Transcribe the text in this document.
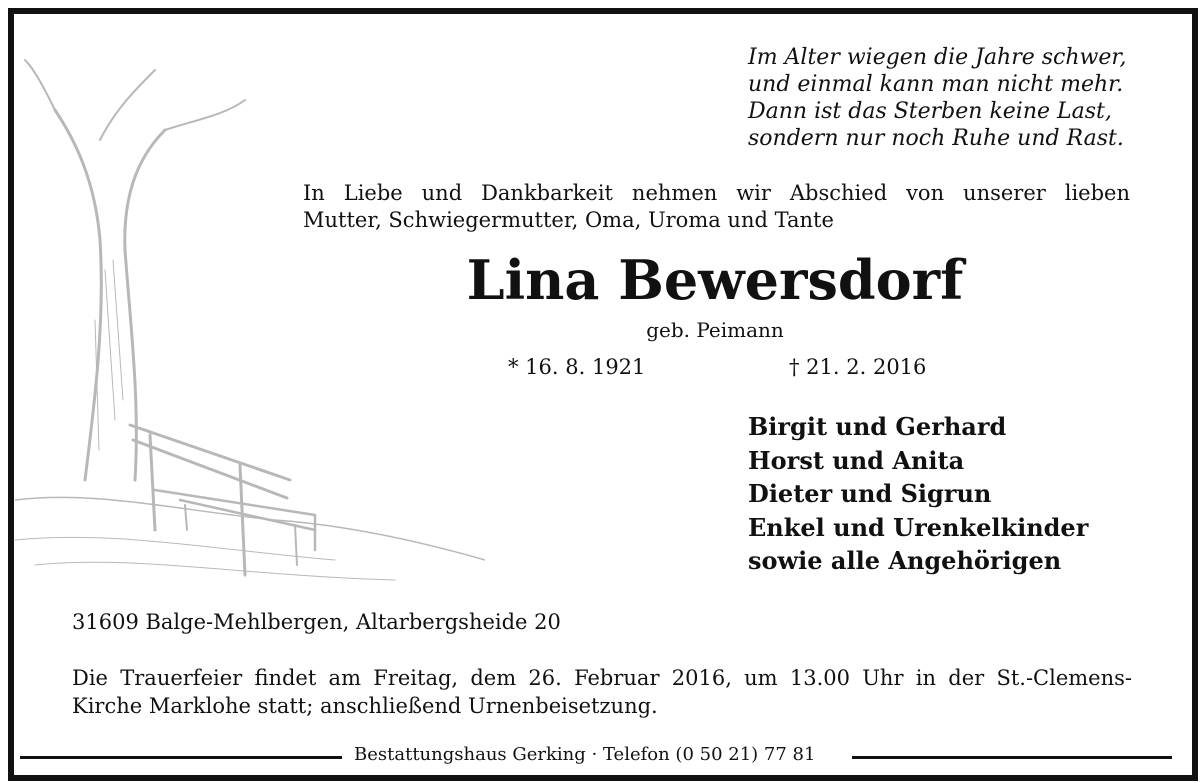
Im Alter wiegen die Jahre schwer,
und einmal kann man nicht mehr.
Dann ist das Sterben keine Last,
sondern nur noch Ruhe und Rast.
In Liebe und Dankbarkeit nehmen wir Abschied von unserer lieben
Mutter, Schwiegermutter, Oma, Uroma und Tante
Lina Bewersdorf
geb. Peimann
* 16. 8. 1921	† 21. 2. 2016
Birgit und Gerhard
Horst und Anita
Dieter und Sigrun
Enkel und Urenkelkinder
sowie alle Angehörigen
31609 Balge-Mehlbergen, Altarbergsheide 20
Die Trauerfeier findet am Freitag, dem 26. Februar 2016, um 13.00 Uhr in der St.-Clemens-
Kirche Marklohe statt; anschließend Urnenbeisetzung.
Bestattungshaus Gerking · Telefon (0 50 21) 77 81
